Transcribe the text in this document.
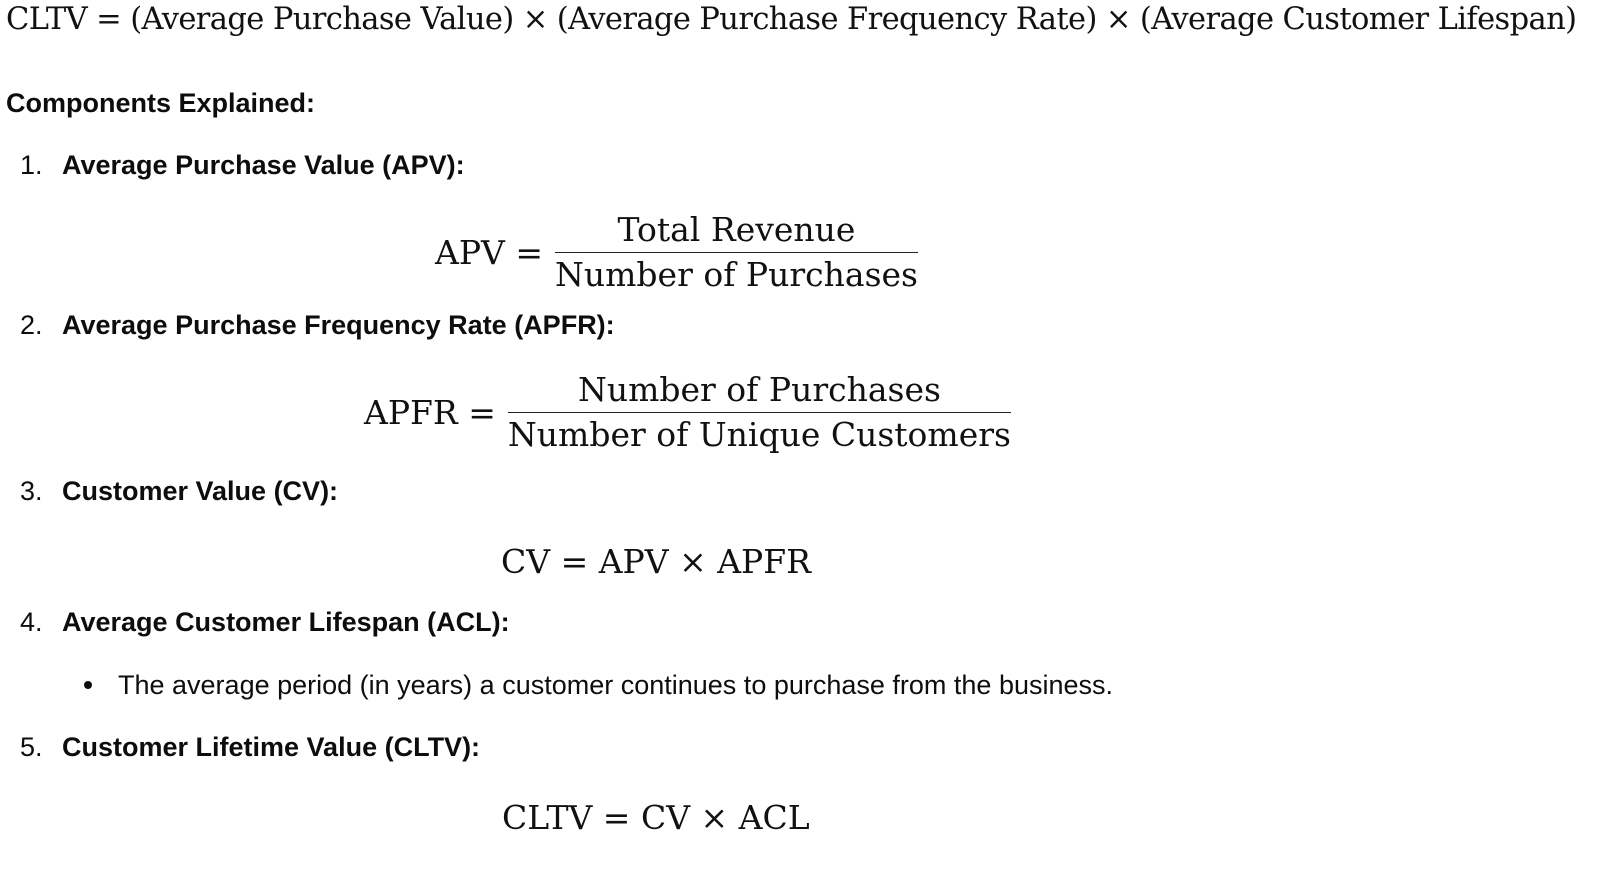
CLTV = (Average Purchase Value) × (Average Purchase Frequency Rate) × (Average Customer Lifespan)
Components Explained:
1. Average Purchase Value (APV):
APV = $\frac{\text{Total Revenue}}{\text{Number of Purchases}}$
2. Average Purchase Frequency Rate (APFR):
APFR = $\frac{\text{Number of Purchases}}{\text{Number of Unique Customers}}$
3. Customer Value (CV):
CV = APV × APFR
4. Average Customer Lifespan (ACL):
The average period (in years) a customer continues to purchase from the business.
5. Customer Lifetime Value (CLTV):
CLTV = CV × ACL
